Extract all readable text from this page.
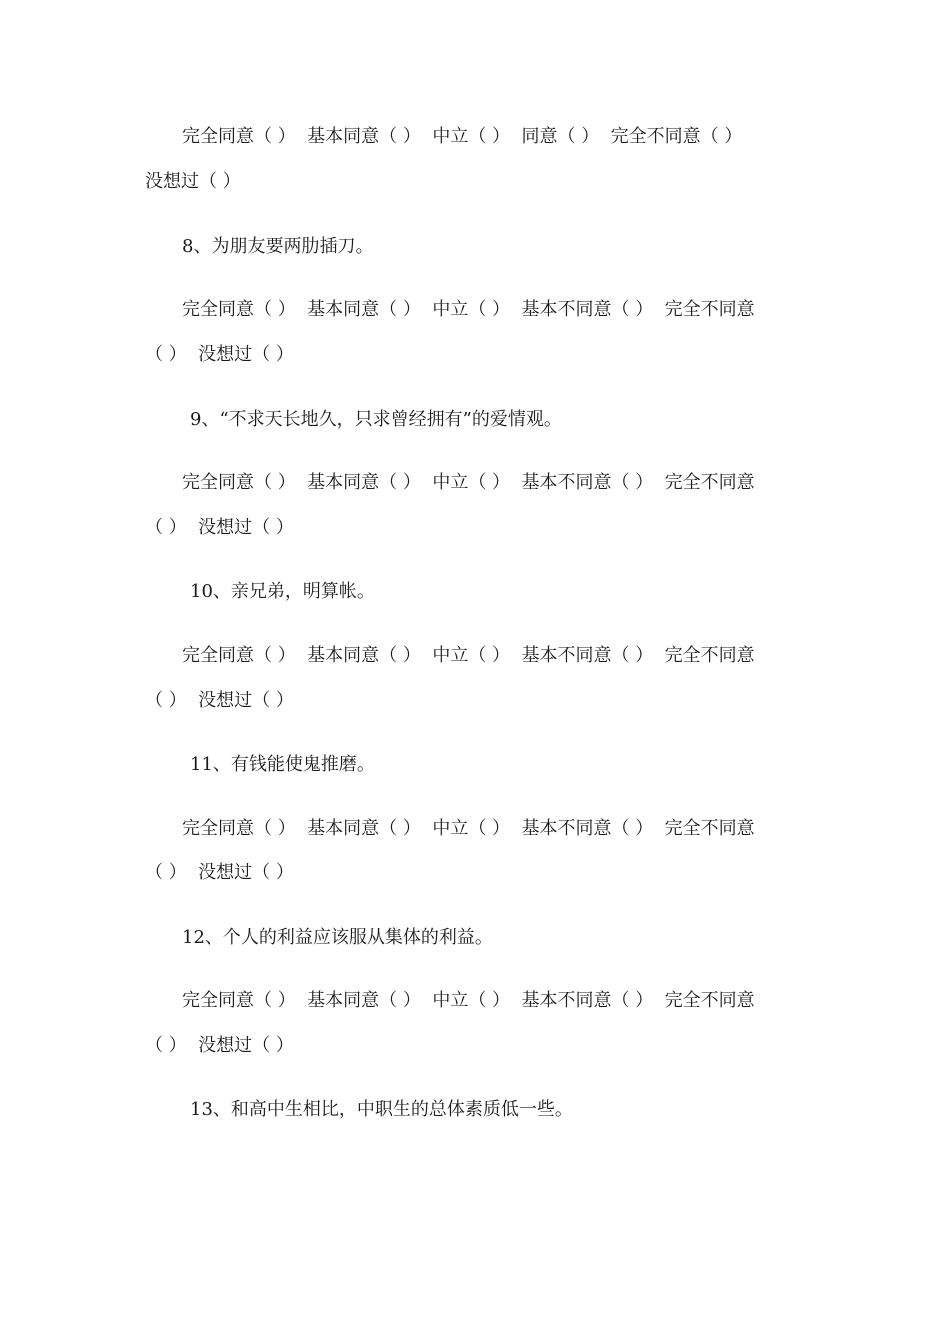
完全同意（ ）  基本同意（ ）  中立（ ）  同意（ ）  完全不同意（ ）
没想过（ ）
8、为朋友要两肋插刀。
完全同意（ ）  基本同意（ ）  中立（ ）  基本不同意（ ）  完全不同意
（ ）  没想过（ ）
9、“不求天长地久，只求曾经拥有”的爱情观。
完全同意（ ）  基本同意（ ）  中立（ ）  基本不同意（ ）  完全不同意
（ ）  没想过（ ）
10、亲兄弟，明算帐。
完全同意（ ）  基本同意（ ）  中立（ ）  基本不同意（ ）  完全不同意
（ ）  没想过（ ）
11、有钱能使鬼推磨。
完全同意（ ）  基本同意（ ）  中立（ ）  基本不同意（ ）  完全不同意
（ ）  没想过（ ）
12、个人的利益应该服从集体的利益。
完全同意（ ）  基本同意（ ）  中立（ ）  基本不同意（ ）  完全不同意
（ ）  没想过（ ）
13、和高中生相比，中职生的总体素质低一些。
